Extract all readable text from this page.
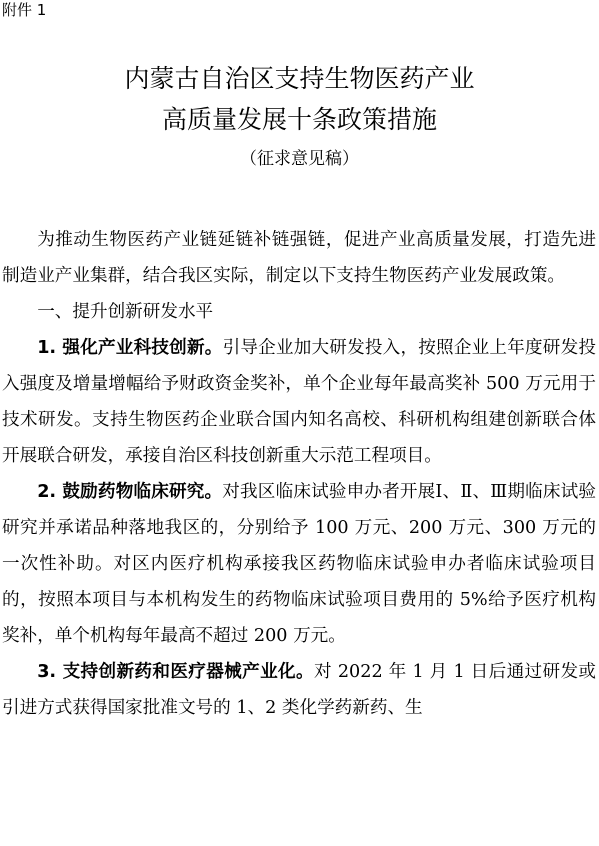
附件 1

内蒙古自治区支持生物医药产业
高质量发展十条政策措施

（征求意见稿）

为推动生物医药产业链延链补链强链，促进产业高质量发展，打造先进制造业产业集群，结合我区实际，制定以下支持生物医药产业发展政策。

一、提升创新研发水平

1. 强化产业科技创新。引导企业加大研发投入，按照企业上年度研发投入强度及增量增幅给予财政资金奖补，单个企业每年最高奖补 500 万元用于技术研发。支持生物医药企业联合国内知名高校、科研机构组建创新联合体开展联合研发，承接自治区科技创新重大示范工程项目。

2. 鼓励药物临床研究。对我区临床试验申办者开展Ⅰ、Ⅱ、Ⅲ期临床试验研究并承诺品种落地我区的，分别给予 100 万元、200 万元、300 万元的一次性补助。对区内医疗机构承接我区药物临床试验申办者临床试验项目的，按照本项目与本机构发生的药物临床试验项目费用的 5%给予医疗机构奖补，单个机构每年最高不超过 200 万元。

3. 支持创新药和医疗器械产业化。对 2022 年 1 月 1 日后通过研发或引进方式获得国家批准文号的 1、2 类化学药新药、生
